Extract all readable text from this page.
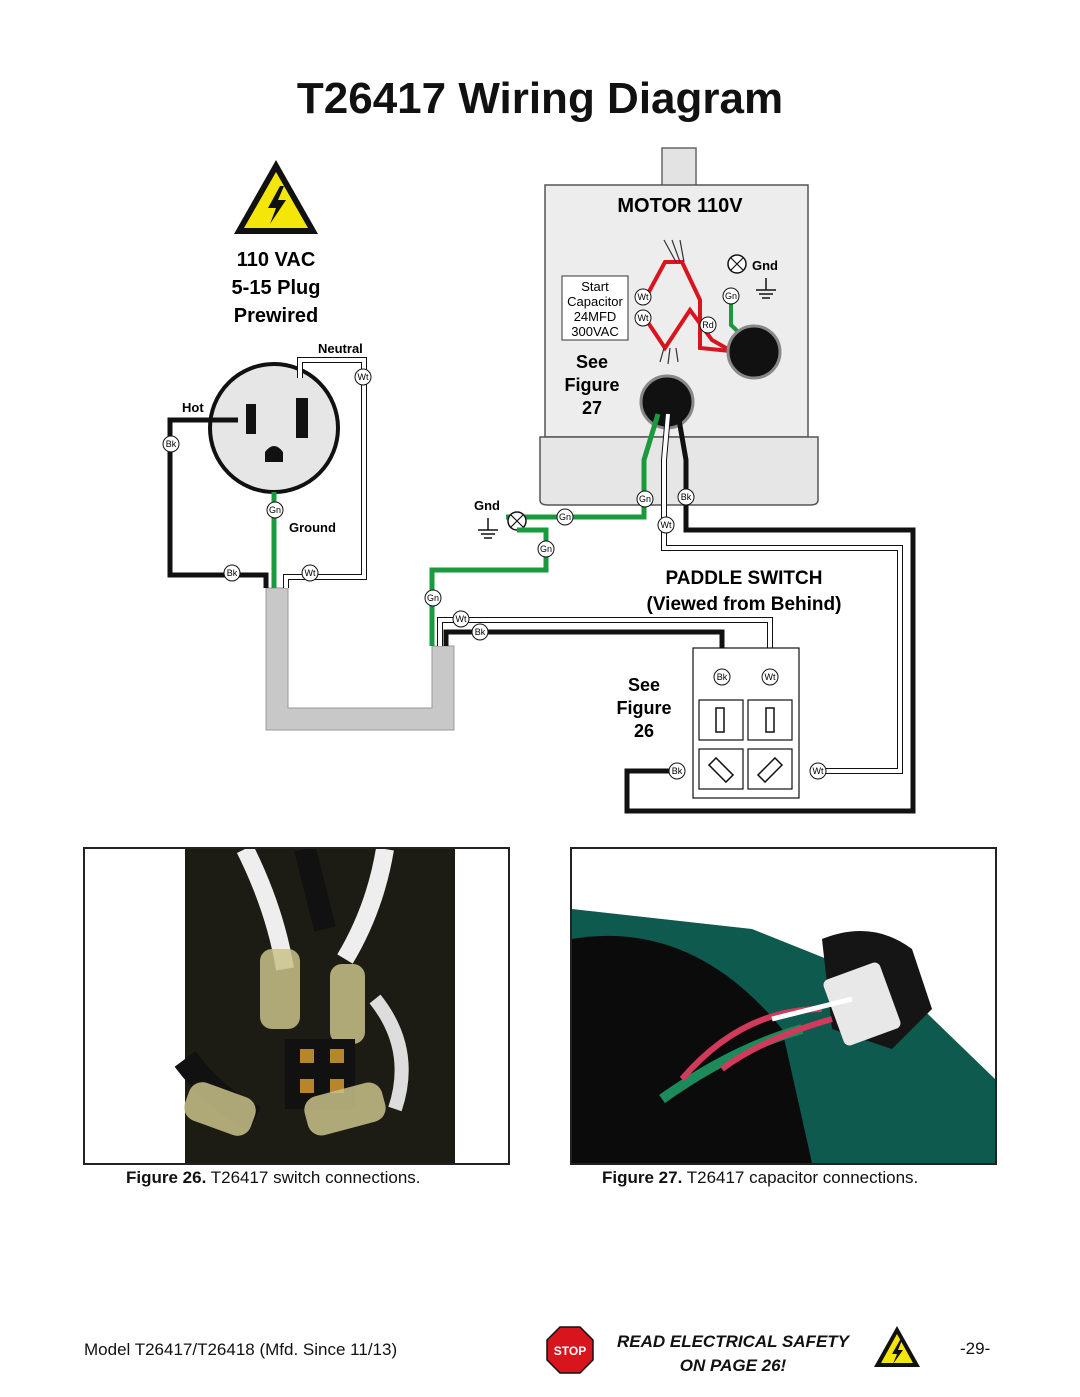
T26417 Wiring Diagram
110 VAC
5-15 Plug
Prewired
Neutral
Hot
Ground
MOTOR 110V
Start
Capacitor
24MFD
300VAC
Gnd
See
Figure
27
Gnd
PADDLE SWITCH
(Viewed from Behind)
See
Figure
26
Wt
Bk
Gn
Bk	Wt
Wt
Wt
Gn
Rd
Gn	Bk
Wt
Gn
Gn
Gn
Wt
Bk
Bk	Wt
Bk	Wt
Figure 26. T26417 switch connections.	Figure 27. T26417 capacitor connections.
Model T26417/T26418 (Mfd. Since 11/13)	STOP	READ ELECTRICAL SAFETY
ON PAGE 26!
-29-
